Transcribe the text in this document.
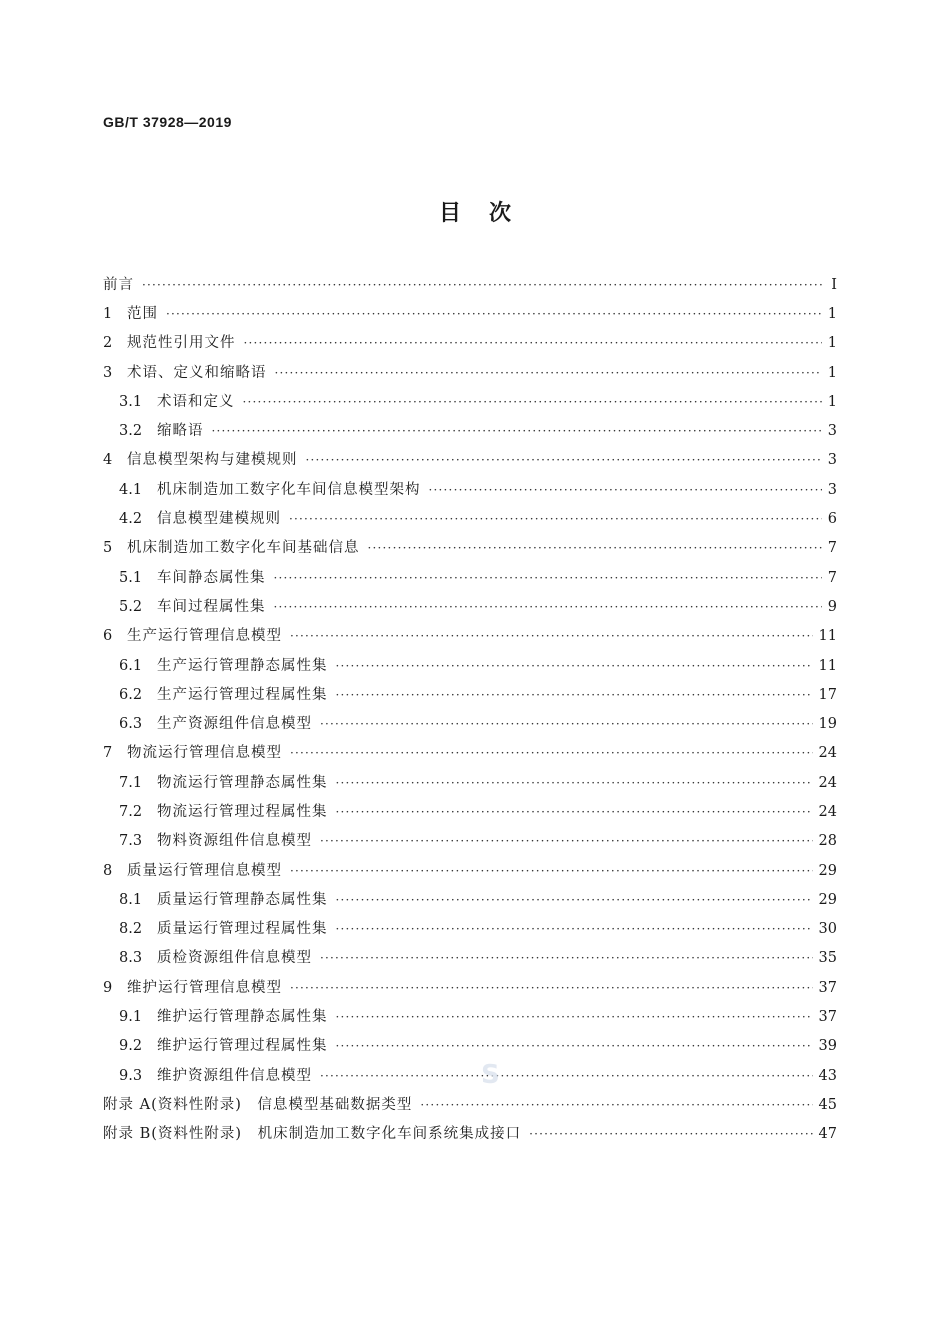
GB/T 37928—2019
目 次
前言 ·····	Ⅰ
1	范围 ·····	1
2	规范性引用文件 ·····	1
3	术语、定义和缩略语 ·····	1
3.1	术语和定义 ·····	1
3.2	缩略语 ·····	3
4	信息模型架构与建模规则 ·····	3
4.1	机床制造加工数字化车间信息模型架构 ·····	3
4.2	信息模型建模规则 ·····	6
5	机床制造加工数字化车间基础信息 ·····	7
5.1	车间静态属性集 ·····	7
5.2	车间过程属性集 ·····	9
6	生产运行管理信息模型 ·····	11
6.1	生产运行管理静态属性集 ·····	11
6.2	生产运行管理过程属性集 ·····	17
6.3	生产资源组件信息模型 ·····	19
7	物流运行管理信息模型 ·····	24
7.1	物流运行管理静态属性集 ·····	24
7.2	物流运行管理过程属性集 ·····	24
7.3	物料资源组件信息模型 ·····	28
8	质量运行管理信息模型 ·····	29
8.1	质量运行管理静态属性集 ·····	29
8.2	质量运行管理过程属性集 ·····	30
8.3	质检资源组件信息模型 ·····	35
9	维护运行管理信息模型 ·····	37
9.1	维护运行管理静态属性集 ·····	37
9.2	维护运行管理过程属性集 ·····	39
9.3	维护资源组件信息模型 ·····	43
附录 A(资料性附录)　信息模型基础数据类型 ·····	45
附录 B(资料性附录)　机床制造加工数字化车间系统集成接口 ·····	47
S
